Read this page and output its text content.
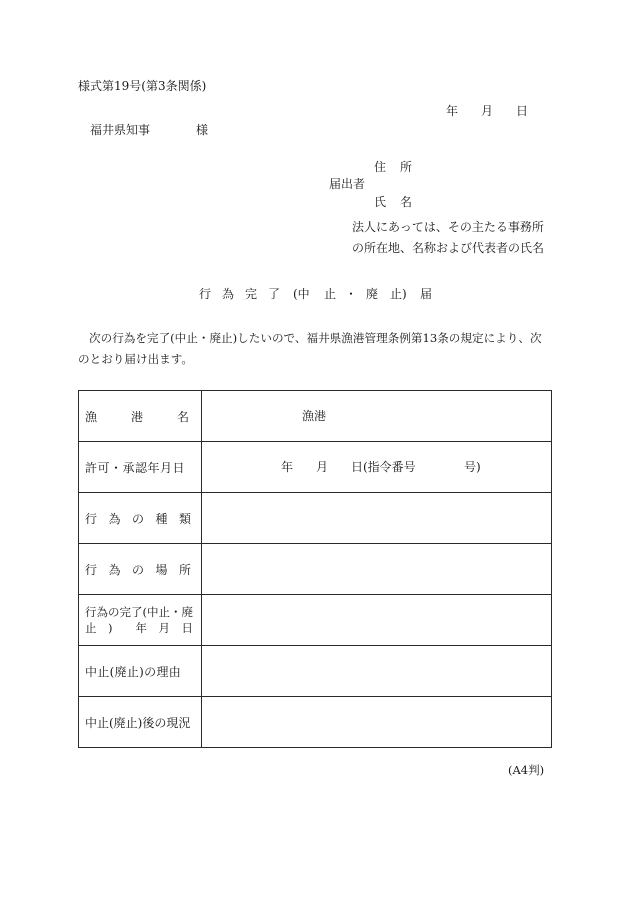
様式第19号(第3条関係)
年 月 日
福井県知事	様
住 所
届出者
氏 名
法人にあっては、その主たる事務所
の所在地、名称および代表者の氏名
行 為 完 了 (中 止 ・ 廃 止) 届
次の行為を完了(中止・廃止)したいので、福井県漁港管理条例第13条の規定により、次
のとおり届け出ます。
漁 港 名	漁港

許可・承認年月日	年 月 日(指令番号 号)

行 為 の 種 類	

行 為 の 場 所	

行為の完了(中止・廃
止　)　　年　月　日	

中止(廃止)の理由	
中止(廃止)後の現況	
(A4判)
